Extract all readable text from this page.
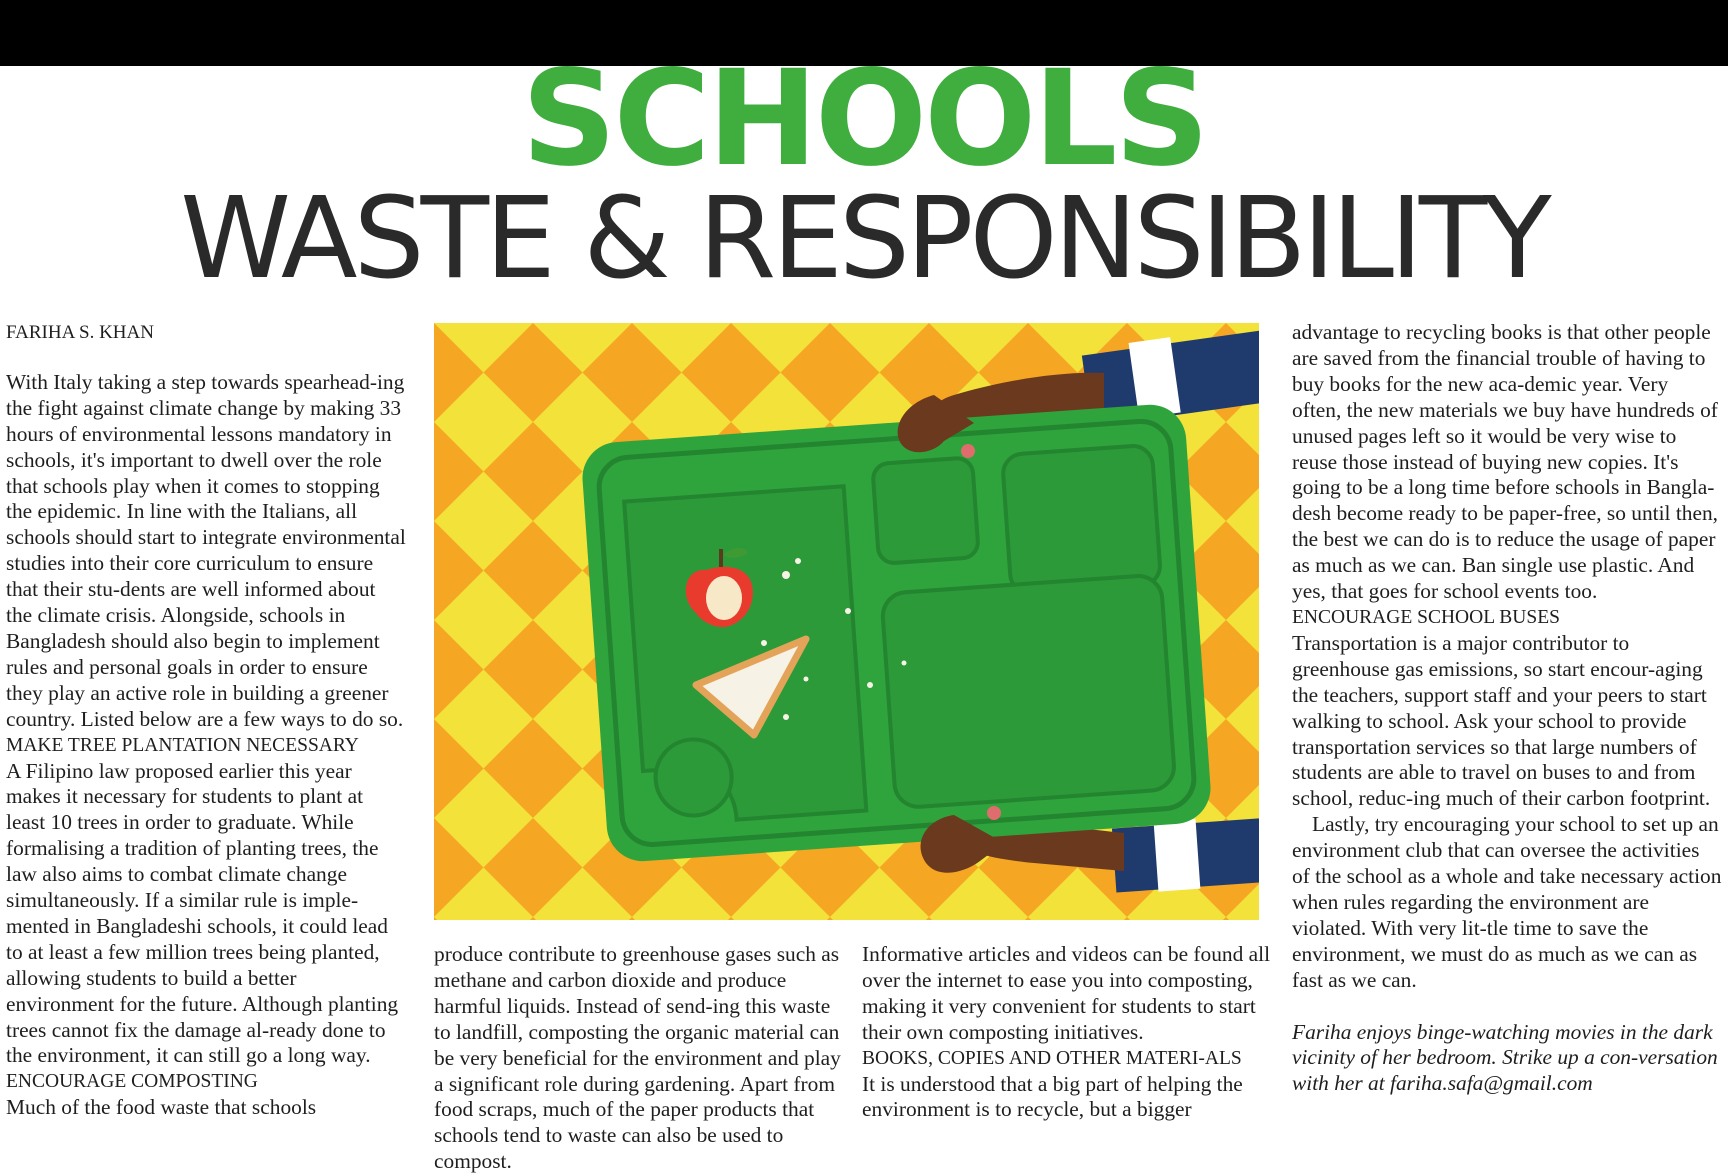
SCHOOLS
WASTE & RESPONSIBILITY

FARIHA S. KHAN

With Italy taking a step towards spearhead-ing the fight against climate change by making 33 hours of environmental lessons mandatory in schools, it's important to dwell over the role that schools play when it comes to stopping the epidemic. In line with the Italians, all schools should start to integrate environmental studies into their core curriculum to ensure that their stu-dents are well informed about the climate crisis. Alongside, schools in Bangladesh should also begin to implement rules and personal goals in order to ensure they play an active role in building a greener country. Listed below are a few ways to do so.

MAKE TREE PLANTATION NECESSARY

A Filipino law proposed earlier this year makes it necessary for students to plant at least 10 trees in order to graduate. While formalising a tradition of planting trees, the law also aims to combat climate change simultaneously. If a similar rule is imple-mented in Bangladeshi schools, it could lead to at least a few million trees being planted, allowing students to build a better environment for the future. Although planting trees cannot fix the damage al-ready done to the environment, it can still go a long way.

ENCOURAGE COMPOSTING

Much of the food waste that schools

produce contribute to greenhouse gases such as methane and carbon dioxide and produce harmful liquids. Instead of send-ing this waste to landfill, composting the organic material can be very beneficial for the environment and play a significant role during gardening. Apart from food scraps, much of the paper products that schools tend to waste can also be used to compost.

Informative articles and videos can be found all over the internet to ease you into composting, making it very convenient for students to start their own composting initiatives.

BOOKS, COPIES AND OTHER MATERI-ALS

It is understood that a big part of helping the environment is to recycle, but a bigger

advantage to recycling books is that other people are saved from the financial trouble of having to buy books for the new aca-demic year. Very often, the new materials we buy have hundreds of unused pages left so it would be very wise to reuse those instead of buying new copies. It's going to be a long time before schools in Bangla-desh become ready to be paper-free, so until then, the best we can do is to reduce the usage of paper as much as we can. Ban single use plastic. And yes, that goes for school events too.

ENCOURAGE SCHOOL BUSES

Transportation is a major contributor to greenhouse gas emissions, so start encour-aging the teachers, support staff and your peers to start walking to school. Ask your school to provide transportation services so that large numbers of students are able to travel on buses to and from school, reduc-ing much of their carbon footprint.

Lastly, try encouraging your school to set up an environment club that can oversee the activities of the school as a whole and take necessary action when rules regarding the environment are violated. With very lit-tle time to save the environment, we must do as much as we can as fast as we can.

Fariha enjoys binge-watching movies in the dark vicinity of her bedroom. Strike up a con-versation with her at fariha.safa@gmail.com
